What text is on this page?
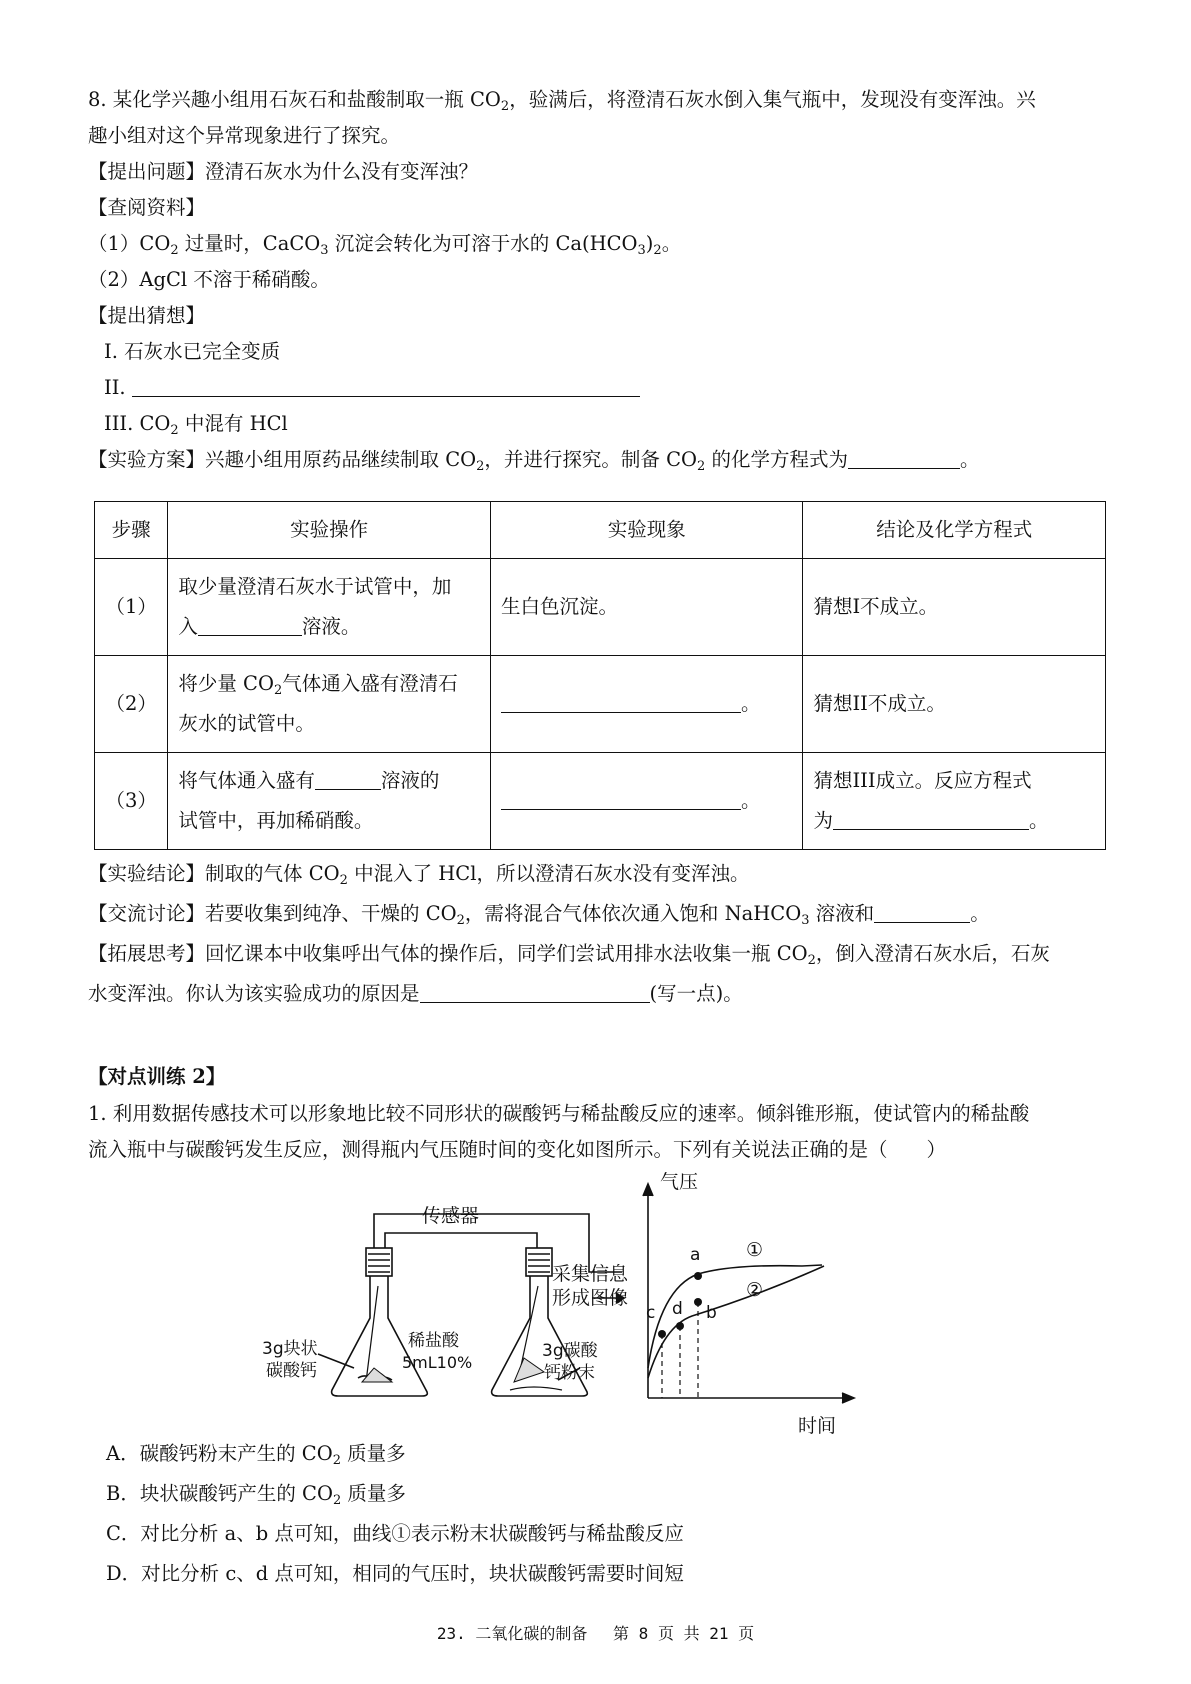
8. 某化学兴趣小组用石灰石和盐酸制取一瓶 $CO_2$，验满后，将澄清石灰水倒入集气瓶中，发现没有变浑浊。兴
趣小组对这个异常现象进行了探究。
【提出问题】澄清石灰水为什么没有变浑浊？
【查阅资料】
$(1)CO_2$ 过量时，CaCO$_3$ 沉淀会转化为可溶于水的 $Ca(HCO_3)_2$。
（2）AgCl 不溶于稀硝酸。
【提出猜想】
I. 石灰水已完全变质
II.
III. $CO_2$ 中混有 HCl
【实验方案】兴趣小组用原药品继续制取 $CO_2$，并进行探究。制备 $CO_2$ 的化学方程式为	。
步骤	实验操作	实验现象	结论及化学方程式
（1）	取少量澄清石灰水于试管中，加
入 溶液。	生白色沉淀。	猜想I不成立。
（2）	将少量 $CO_2$气体通入盛有澄清石
灰水的试管中。	。	猜想II不成立。
（3）	将气体通入盛有 溶液的
试管中，再加稀硝酸。	。	猜想III成立。反应方程式
为 。
【实验结论】制取的气体 $CO_2$ 中混入了 HCl，所以澄清石灰水没有变浑浊。
【交流讨论】若要收集到纯净、干燥的 $CO_2$，需将混合气体依次通入饱和 NaHCO$_3$ 溶液和	。
【拓展思考】回忆课本中收集呼出气体的操作后，同学们尝试用排水法收集一瓶 $CO_2$，倒入澄清石灰水后，石灰
水变浑浊。你认为该实验成功的原因是	(写一点)。
【对点训练 2】
1. 利用数据传感技术可以形象地比较不同形状的碳酸钙与稀盐酸反应的速率。倾斜锥形瓶，使试管内的稀盐酸
流入瓶中与碳酸钙发生反应，测得瓶内气压随时间的变化如图所示。下列有关说法正确的是（　　）
传感器
采集信息
形成图像
3g块状
碳酸钙
稀盐酸
5mL10%
3g碳酸
钙粉末
气压
a
b
c d
①
②
时间
A．碳酸钙粉末产生的 $CO_2$ 质量多
B．块状碳酸钙产生的 $CO_2$ 质量多
C．对比分析 a、b 点可知，曲线①表示粉末状碳酸钙与稀盐酸反应
D．对比分析 c、d 点可知，相同的气压时，块状碳酸钙需要时间短
23. 二氧化碳的制备　 第 8 页 共 21 页
